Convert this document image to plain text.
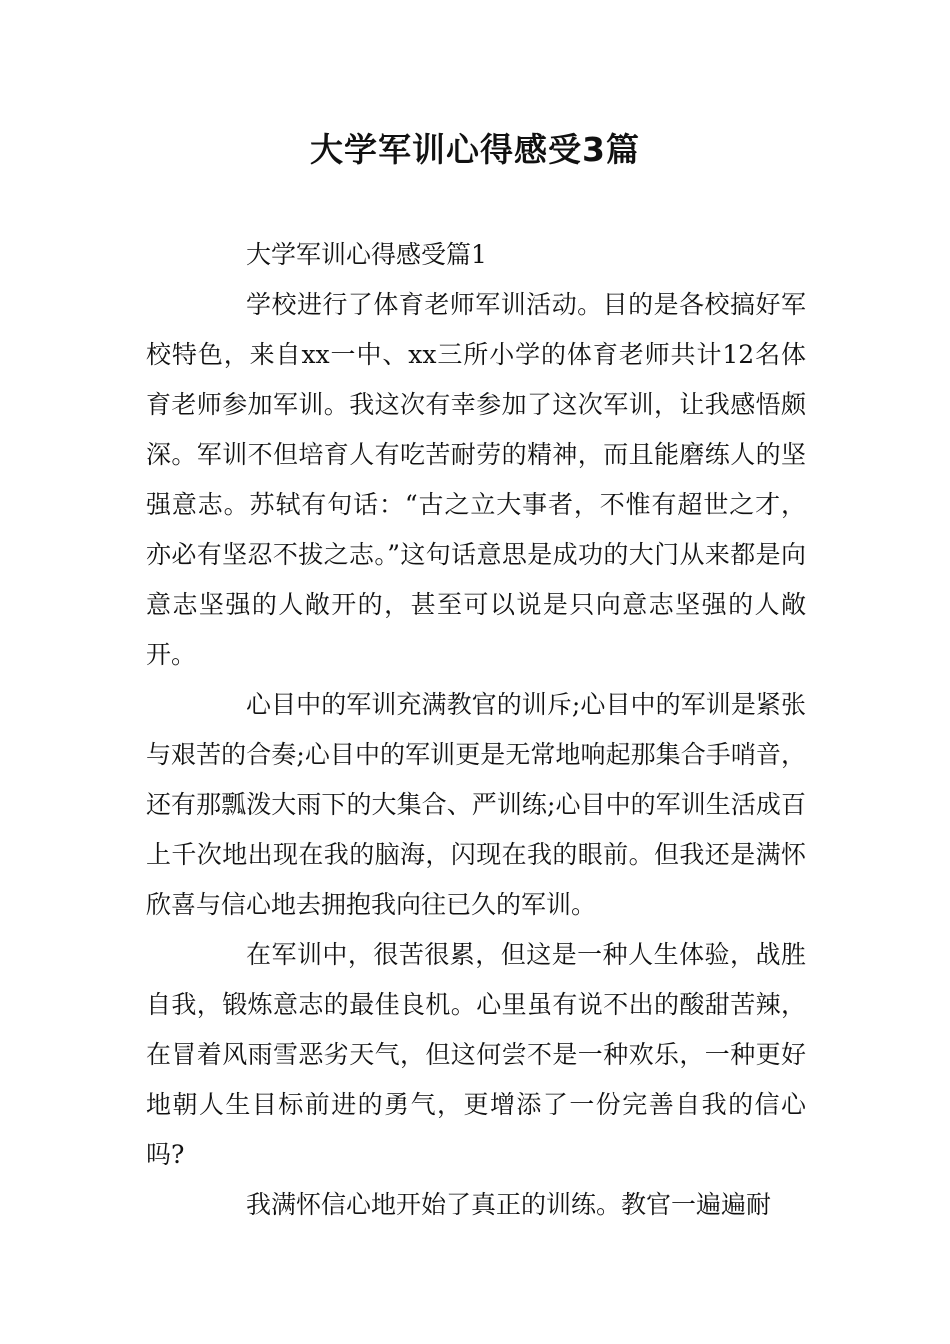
大学军训心得感受3篇

大学军训心得感受篇1

学校进行了体育老师军训活动。目的是各校搞好军校特色，来自xx一中、xx三所小学的体育老师共计12名体育老师参加军训。我这次有幸参加了这次军训，让我感悟颇深。军训不但培育人有吃苦耐劳的精神，而且能磨练人的坚强意志。苏轼有句话：“古之立大事者，不惟有超世之才，亦必有坚忍不拔之志。”这句话意思是成功的大门从来都是向意志坚强的人敞开的，甚至可以说是只向意志坚强的人敞开。

心目中的军训充满教官的训斥;心目中的军训是紧张与艰苦的合奏;心目中的军训更是无常地响起那集合手哨音，还有那瓢泼大雨下的大集合、严训练;心目中的军训生活成百上千次地出现在我的脑海，闪现在我的眼前。但我还是满怀欣喜与信心地去拥抱我向往已久的军训。

在军训中，很苦很累，但这是一种人生体验，战胜自我，锻炼意志的最佳良机。心里虽有说不出的酸甜苦辣，在冒着风雨雪恶劣天气，但这何尝不是一种欢乐，一种更好地朝人生目标前进的勇气，更增添了一份完善自我的信心吗?

我满怀信心地开始了真正的训练。教官一遍遍耐
